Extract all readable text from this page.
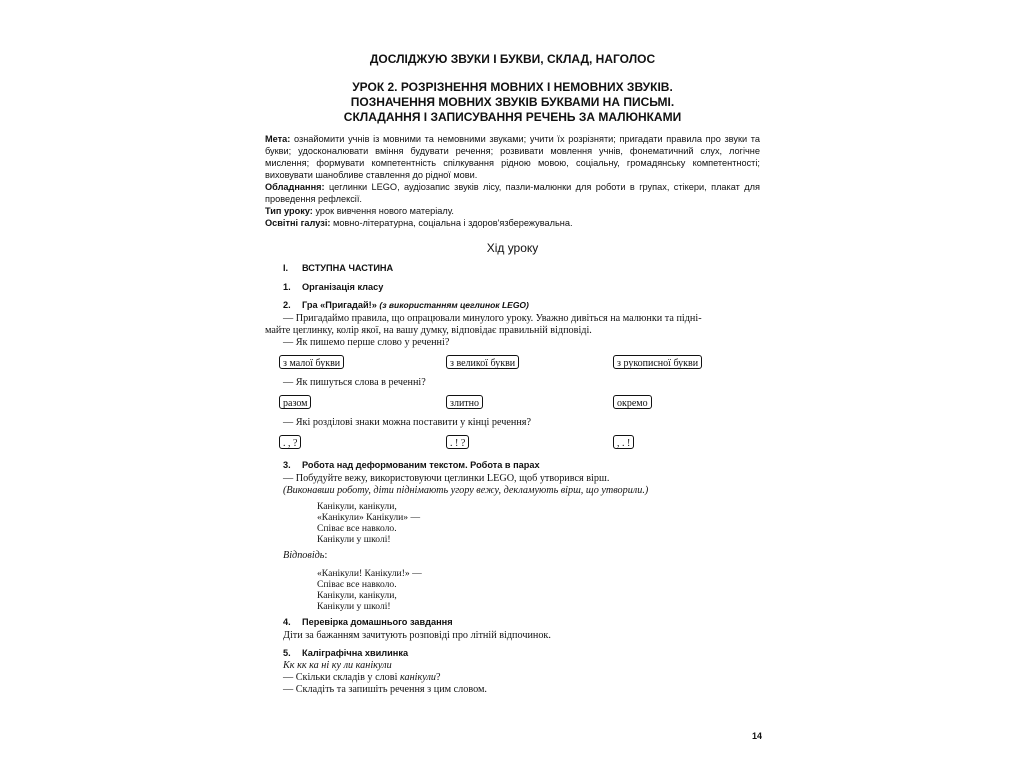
ДОСЛІДЖУЮ ЗВУКИ І БУКВИ, СКЛАД, НАГОЛОС
УРОК 2. РОЗРІЗНЕННЯ МОВНИХ І НЕМОВНИХ ЗВУКІВ.
ПОЗНАЧЕННЯ МОВНИХ ЗВУКІВ БУКВАМИ НА ПИСЬМІ.
СКЛАДАННЯ І ЗАПИСУВАННЯ РЕЧЕНЬ ЗА МАЛЮНКАМИ
Мета: ознайомити учнів із мовними та немовними звуками; учити їх розрізняти; пригадати правила про звуки та букви; удосконалювати вміння будувати речення; розвивати мовлення учнів, фонематичний слух, логічне мислення; формувати компетентність спілкування рідною мовою, соціальну, громадянську компетентності; виховувати шанобливе ставлення до рідної мови.
Обладнання: цеглинки LEGO, аудіозапис звуків лісу, пазли-малюнки для роботи в групах, стікери, плакат для проведення рефлексії.
Тип уроку: урок вивчення нового матеріалу.
Освітні галузі: мовно-літературна, соціальна і здоров'язбережувальна.
Хід уроку
I. ВСТУПНА ЧАСТИНА
1. Організація класу
2. Гра «Пригадай!» (з використанням цеглинок LEGO)
— Пригадаймо правила, що опрацювали минулого уроку. Уважно дивіться на малюнки та підні-
майте цеглинку, колір якої, на вашу думку, відповідає правильній відповіді.
— Як пишемо перше слово у реченні?
з малої букви	з великої букви	з рукописної букви
— Як пишуться слова в реченні?
разом	злитно	окремо
— Які розділові знаки можна поставити у кінці речення?
. , ?	. ! ?	, . !
3. Робота над деформованим текстом. Робота в парах
— Побудуйте вежу, використовуючи цеглинки LEGO, щоб утворився вірш.
(Виконавши роботу, діти піднімають угору вежу, декламують вірш, що утворили.)
Канікули, канікули,
«Канікули» Канікули» —
Співає все навколо.
Канікули у школі!
Відповідь:
«Канікули! Канікули!» —
Співає все навколо.
Канікули, канікули,
Канікули у школі!
4. Перевірка домашнього завдання
Діти за бажанням зачитують розповіді про літній відпочинок.
5. Каліграфічна хвилинка
Кк кк ка ні ку ли канікули
— Скільки складів у слові канікули?
— Складіть та запишіть речення з цим словом.
14
